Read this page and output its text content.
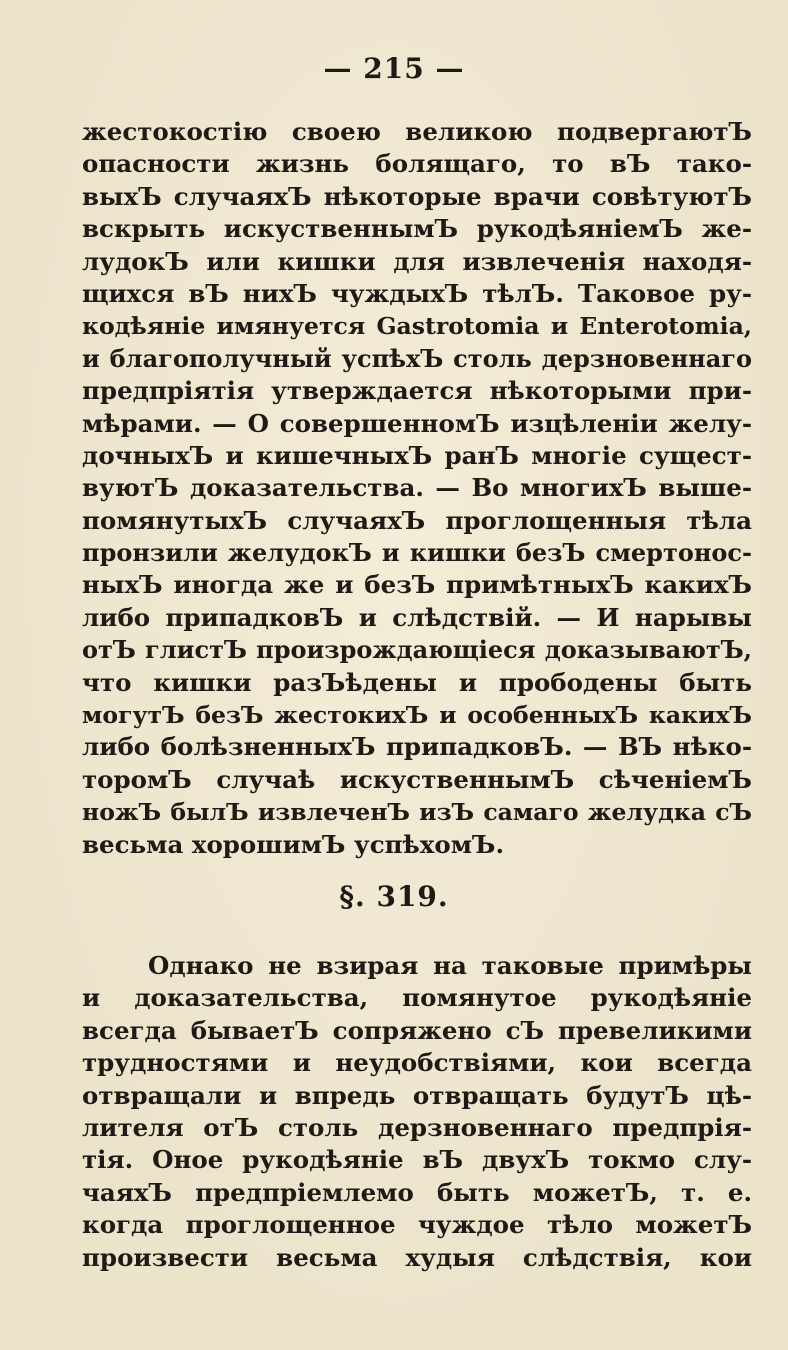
— 215 —
жестокостію своею великою подвергаютЪ
опасности жизнь болящаго, то вЪ тако-
выхЪ случаяхЪ нѣкоторые врачи совѣтуютЪ
вскрыть искуственнымЪ рукодѣяніемЪ же-
лудокЪ или кишки для извлеченія находя-
щихся вЪ нихЪ чуждыхЪ тѣлЪ. Таковое ру-
кодѣяніе имянуется Gastrotomia и Enterotomia,
и благополучный успѣхЪ столь дерзновеннаго
предпріятія утверждается нѣкоторыми при-
мѣрами. — О совершенномЪ изцѣленіи желу-
дочныхЪ и кишечныхЪ ранЪ многіе сущест-
вуютЪ доказательства. — Во многихЪ выше-
помянутыхЪ случаяхЪ проглощенныя тѣла
пронзили желудокЪ и кишки безЪ смертонос-
ныхЪ иногда же и безЪ примѣтныхЪ какихЪ
либо припадковЪ и слѣдствій. — И нарывы
отЪ глистЪ произрождающіеся доказываютЪ,
что кишки разЪѣдены и прободены быть
могутЪ безЪ жестокихЪ и особенныхЪ какихЪ
либо болѣзненныхЪ припадковЪ. — ВЪ нѣко-
торомЪ случаѣ искуственнымЪ сѣченіемЪ
ножЪ былЪ извлеченЪ изЪ самаго желудка сЪ
весьма хорошимЪ успѣхомЪ.
§. 319.
Однако не взирая на таковые примѣры
и доказательства, помянутое рукодѣяніе
всегда бываетЪ сопряжено сЪ превеликими
трудностями и неудобствіями, кои всегда
отвращали и впредь отвращать будутЪ цѣ-
лителя отЪ столь дерзновеннаго предпрія-
тія. Оное рукодѣяніе вЪ двухЪ токмо слу-
чаяхЪ предпріемлемо быть можетЪ, т. е.
когда проглощенное чуждое тѣло можетЪ
произвести весьма худыя слѣдствія, кои
